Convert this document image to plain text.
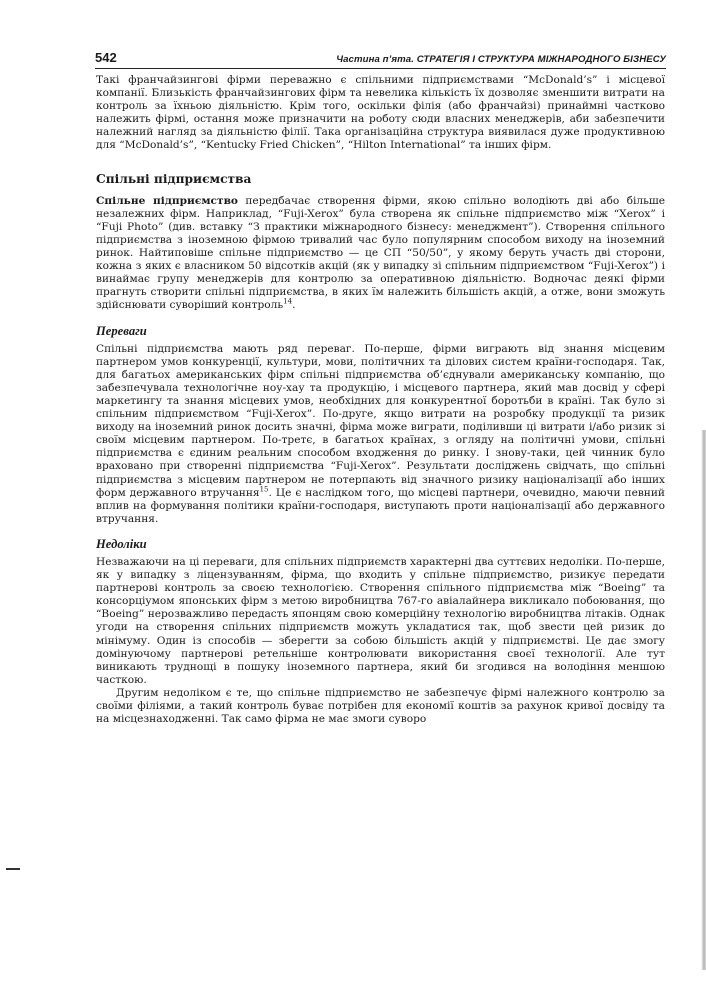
542	Частина п’ята. СТРАТЕГІЯ І СТРУКТУРА МІЖНАРОДНОГО БІЗНЕСУ

Такі франчайзингові фірми переважно є спільними підприємствами “McDonald’s” і місцевої компанії. Близькість франчайзингових фірм та невелика кількість їх дозволяє зменшити витрати на контроль за їхньою діяльністю. Крім того, оскільки філія (або франчайзі) принаймні частково належить фірмі, остання може призначити на роботу сюди власних менеджерів, аби забезпечити належний нагляд за діяльністю філії. Така організаційна структура виявилася дуже продуктивною для “McDonald’s”, “Kentucky Fried Chicken”, “Hilton International” та інших фірм.

Спільні підприємства

Спільне підприємство передбачає створення фірми, якою спільно володіють дві або більше незалежних фірм. Наприклад, “Fuji-Xerox” була створена як спільне підприємство між “Xerox” і “Fuji Photo” (див. вставку “З практики міжнародного бізнесу: менеджмент”). Створення спільного підприємства з іноземною фірмою тривалий час було популярним способом виходу на іноземний ринок. Найтиповіше спільне підприємство — це СП “50/50”, у якому беруть участь дві сторони, кожна з яких є власником 50 відсотків акцій (як у випадку зі спільним підприємством “Fuji-Xerox”) і винаймає групу менеджерів для контролю за оперативною діяльністю. Водночас деякі фірми прагнуть створити спільні підприємства, в яких їм належить більшість акцій, а отже, вони зможуть здійснювати суворіший контроль$^{14}$.

Переваги

Спільні підприємства мають ряд переваг. По-перше, фірми виграють від знання місцевим партнером умов конкуренції, культури, мови, політичних та ділових систем країни-господаря. Так, для багатьох американських фірм спільні підприємства об’єднували американську компанію, що забезпечувала технологічне ноу-хау та продукцію, і місцевого партнера, який мав досвід у сфері маркетингу та знання місцевих умов, необхідних для конкурентної боротьби в країні. Так було зі спільним підприємством “Fuji-Xerox”. По-друге, якщо витрати на розробку продукції та ризик виходу на іноземний ринок досить значні, фірма може виграти, поділивши ці витрати і/або ризик зі своїм місцевим партнером. По-третє, в багатьох країнах, з огляду на політичні умови, спільні підприємства є єдиним реальним способом входження до ринку. І знову-таки, цей чинник було враховано при створенні підприємства “Fuji-Xerox”. Результати досліджень свідчать, що спільні підприємства з місцевим партнером не потерпають від значного ризику націоналізації або інших форм державного втручання$^{15}$. Це є наслідком того, що місцеві партнери, очевидно, маючи певний вплив на формування політики країни-господаря, виступають проти націоналізації або державного втручання.

Недоліки

Незважаючи на ці переваги, для спільних підприємств характерні два суттєвих недоліки. По-перше, як у випадку з ліцензуванням, фірма, що входить у спільне підприємство, ризикує передати партнерові контроль за своєю технологією. Створення спільного підприємства між “Boeing” та консорціумом японських фірм з метою виробництва 767-го авіалайнера викликало побоювання, що “Boeing” нерозважливо передасть японцям свою комерційну технологію виробництва літаків. Однак угоди на створення спільних підприємств можуть укладатися так, щоб звести цей ризик до мінімуму. Один із способів — зберегти за собою більшість акцій у підприємстві. Це дає змогу домінуючому партнерові ретельніше контролювати використання своєї технології. Але тут виникають труднощі в пошуку іноземного партнера, який би згодився на володіння меншою часткою.

Другим недоліком є те, що спільне підприємство не забезпечує фірмі належного контролю за своїми філіями, а такий контроль буває потрібен для економії коштів за рахунок кривої досвіду та на місцезнаходженні. Так само фірма не має змоги суворо
